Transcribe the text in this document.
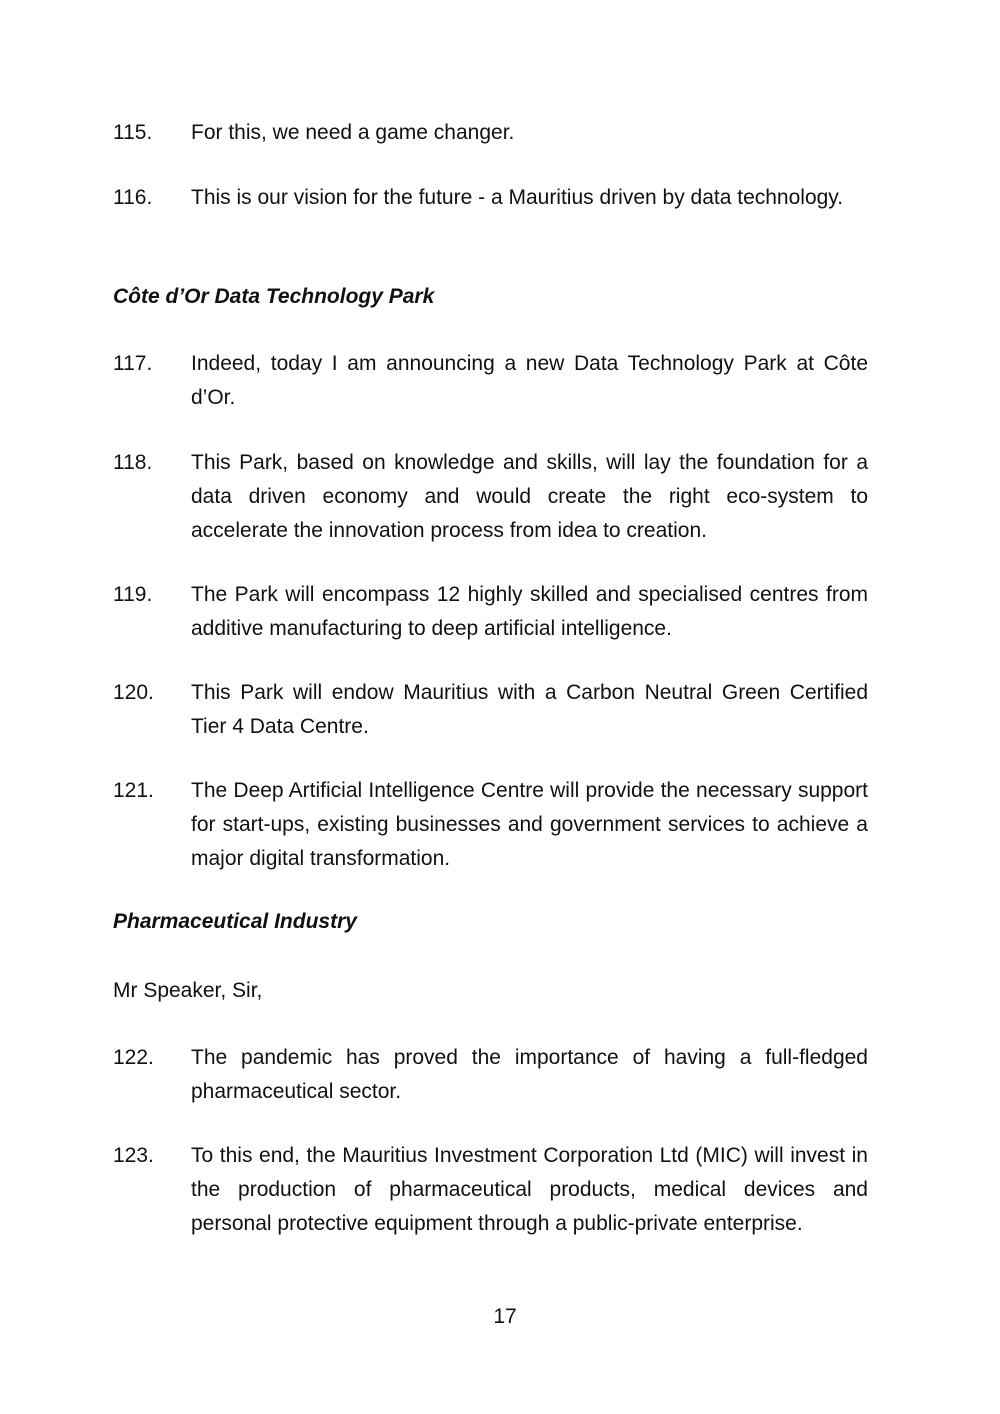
115. For this, we need a game changer.
116. This is our vision for the future - a Mauritius driven by data technology.
Côte d’Or Data Technology Park
117. Indeed, today I am announcing a new Data Technology Park at Côte d’Or.
118. This Park, based on knowledge and skills, will lay the foundation for a data driven economy and would create the right eco-system to accelerate the innovation process from idea to creation.
119. The Park will encompass 12 highly skilled and specialised centres from additive manufacturing to deep artificial intelligence.
120. This Park will endow Mauritius with a Carbon Neutral Green Certified Tier 4 Data Centre.
121. The Deep Artificial Intelligence Centre will provide the necessary support for start-ups, existing businesses and government services to achieve a major digital transformation.
Pharmaceutical Industry
Mr Speaker, Sir,
122. The pandemic has proved the importance of having a full-fledged pharmaceutical sector.
123. To this end, the Mauritius Investment Corporation Ltd (MIC) will invest in the production of pharmaceutical products, medical devices and personal protective equipment through a public-private enterprise.
17
